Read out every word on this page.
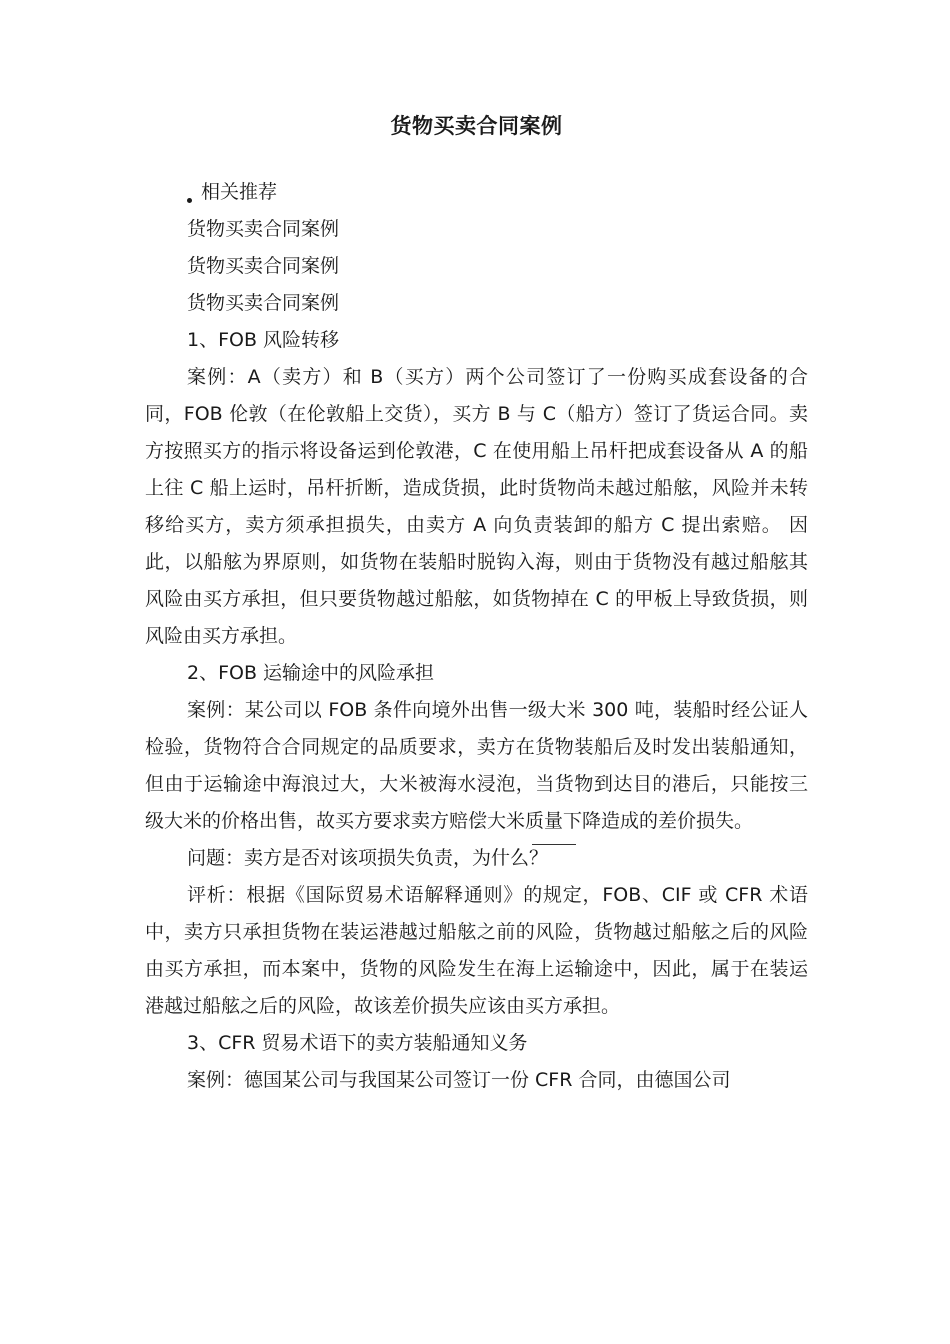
货物买卖合同案例
相关推荐
货物买卖合同案例
货物买卖合同案例
货物买卖合同案例
1、FOB 风险转移

案例：A（卖方）和 B（买方）两个公司签订了一份购买成套设备的合同，FOB 伦敦（在伦敦船上交货），买方 B 与 C（船方）签订了货运合同。卖方按照买方的指示将设备运到伦敦港，C 在使用船上吊杆把成套设备从 A 的船上往 C 船上运时，吊杆折断，造成货损，此时货物尚未越过船舷，风险并未转移给买方，卖方须承担损失，由卖方 A 向负责装卸的船方 C 提出索赔。 因此，以船舷为界原则，如货物在装船时脱钩入海，则由于货物没有越过船舷其风险由买方承担，但只要货物越过船舷，如货物掉在 C 的甲板上导致货损，则风险由买方承担。

2、FOB 运输途中的风险承担

案例：某公司以 FOB 条件向境外出售一级大米 300 吨，装船时经公证人检验，货物符合合同规定的品质要求，卖方在货物装船后及时发出装船通知，但由于运输途中海浪过大，大米被海水浸泡，当货物到达目的港后，只能按三级大米的价格出售，故买方要求卖方赔偿大米质量下降造成的差价损失。

问题：卖方是否对该项损失负责，为什么？

评析：根据《国际贸易术语解释通则》的规定，FOB、CIF 或 CFR 术语中，卖方只承担货物在装运港越过船舷之前的风险，货物越过船舷之后的风险由买方承担，而本案中，货物的风险发生在海上运输途中，因此，属于在装运港越过船舷之后的风险，故该差价损失应该由买方承担。

3、CFR 贸易术语下的卖方装船通知义务

案例：德国某公司与我国某公司签订一份 CFR 合同，由德国公司
